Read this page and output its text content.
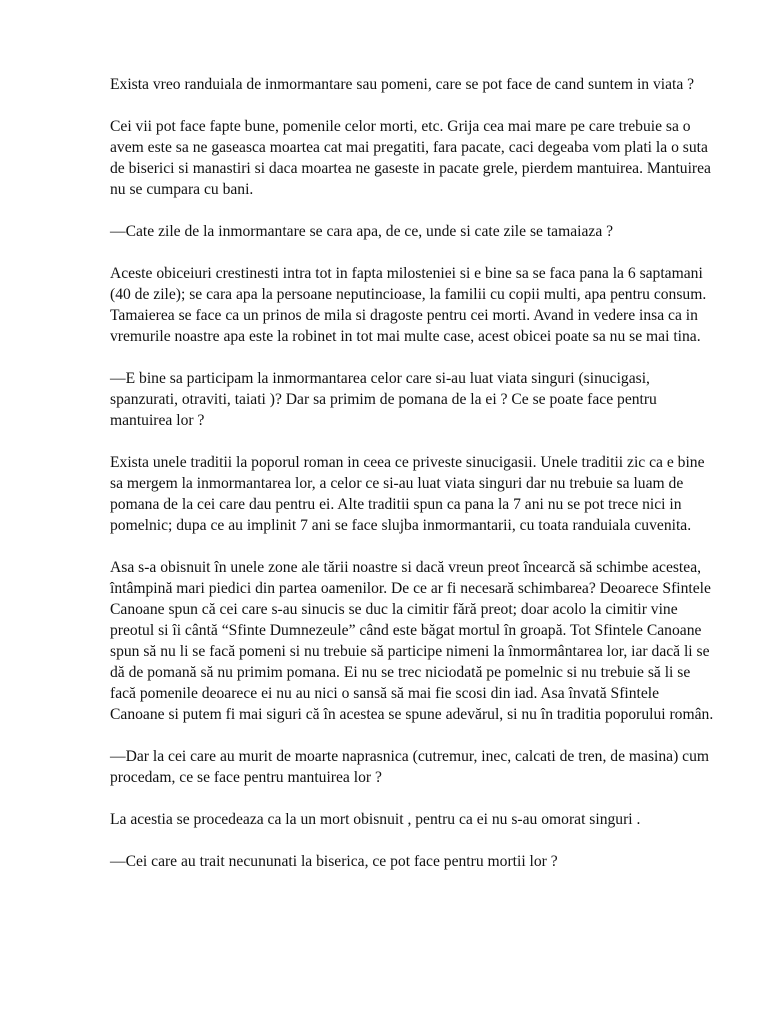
Exista vreo randuiala de inmormantare sau pomeni, care se pot face de cand suntem in viata ?

Cei vii pot face fapte bune, pomenile celor morti, etc. Grija cea mai mare pe care trebuie sa o avem este sa ne gaseasca moartea cat mai pregatiti, fara pacate, caci degeaba vom plati la o suta de biserici si manastiri si daca moartea ne gaseste in pacate grele, pierdem mantuirea. Mantuirea nu se cumpara cu bani.

—Cate zile de la inmormantare se cara apa, de ce, unde si cate zile se tamaiaza ?

Aceste obiceiuri crestinesti intra tot in fapta milosteniei si e bine sa se faca pana la 6 saptamani (40 de zile); se cara apa la persoane neputincioase, la familii cu copii multi, apa pentru consum. Tamaierea se face ca un prinos de mila si dragoste pentru cei morti. Avand in vedere insa ca in vremurile noastre apa este la robinet in tot mai multe case, acest obicei poate sa nu se mai tina.

—E bine sa participam la inmormantarea celor care si-au luat viata singuri (sinucigasi, spanzurati, otraviti, taiati )? Dar sa primim de pomana de la ei ? Ce se poate face pentru mantuirea lor ?

Exista unele traditii la poporul roman in ceea ce priveste sinucigasii. Unele traditii zic ca e bine sa mergem la inmormantarea lor, a celor ce si-au luat viata singuri dar nu trebuie sa luam de pomana de la cei care dau pentru ei. Alte traditii spun ca pana la 7 ani nu se pot trece nici in pomelnic; dupa ce au implinit 7 ani se face slujba inmormantarii, cu toata randuiala cuvenita.

Asa s-a obisnuit în unele zone ale tării noastre si dacă vreun preot încearcă să schimbe acestea, întâmpină mari piedici din partea oamenilor. De ce ar fi necesară schimbarea? Deoarece Sfintele Canoane spun că cei care s-au sinucis se duc la cimitir fără preot; doar acolo la cimitir vine preotul si îi cântă “Sfinte Dumnezeule” când este băgat mortul în groapă. Tot Sfintele Canoane spun să nu li se facă pomeni si nu trebuie să participe nimeni la înmormântarea lor, iar dacă li se dă de pomană să nu primim pomana. Ei nu se trec niciodată pe pomelnic si nu trebuie să li se facă pomenile deoarece ei nu au nici o sansă să mai fie scosi din iad. Asa învată Sfintele Canoane si putem fi mai siguri că în acestea se spune adevărul, si nu în traditia poporului român.

—Dar la cei care au murit de moarte naprasnica (cutremur, inec, calcati de tren, de masina) cum procedam, ce se face pentru mantuirea lor ?

La acestia se procedeaza ca la un mort obisnuit , pentru ca ei nu s-au omorat singuri .

—Cei care au trait necununati la biserica, ce pot face pentru mortii lor ?
